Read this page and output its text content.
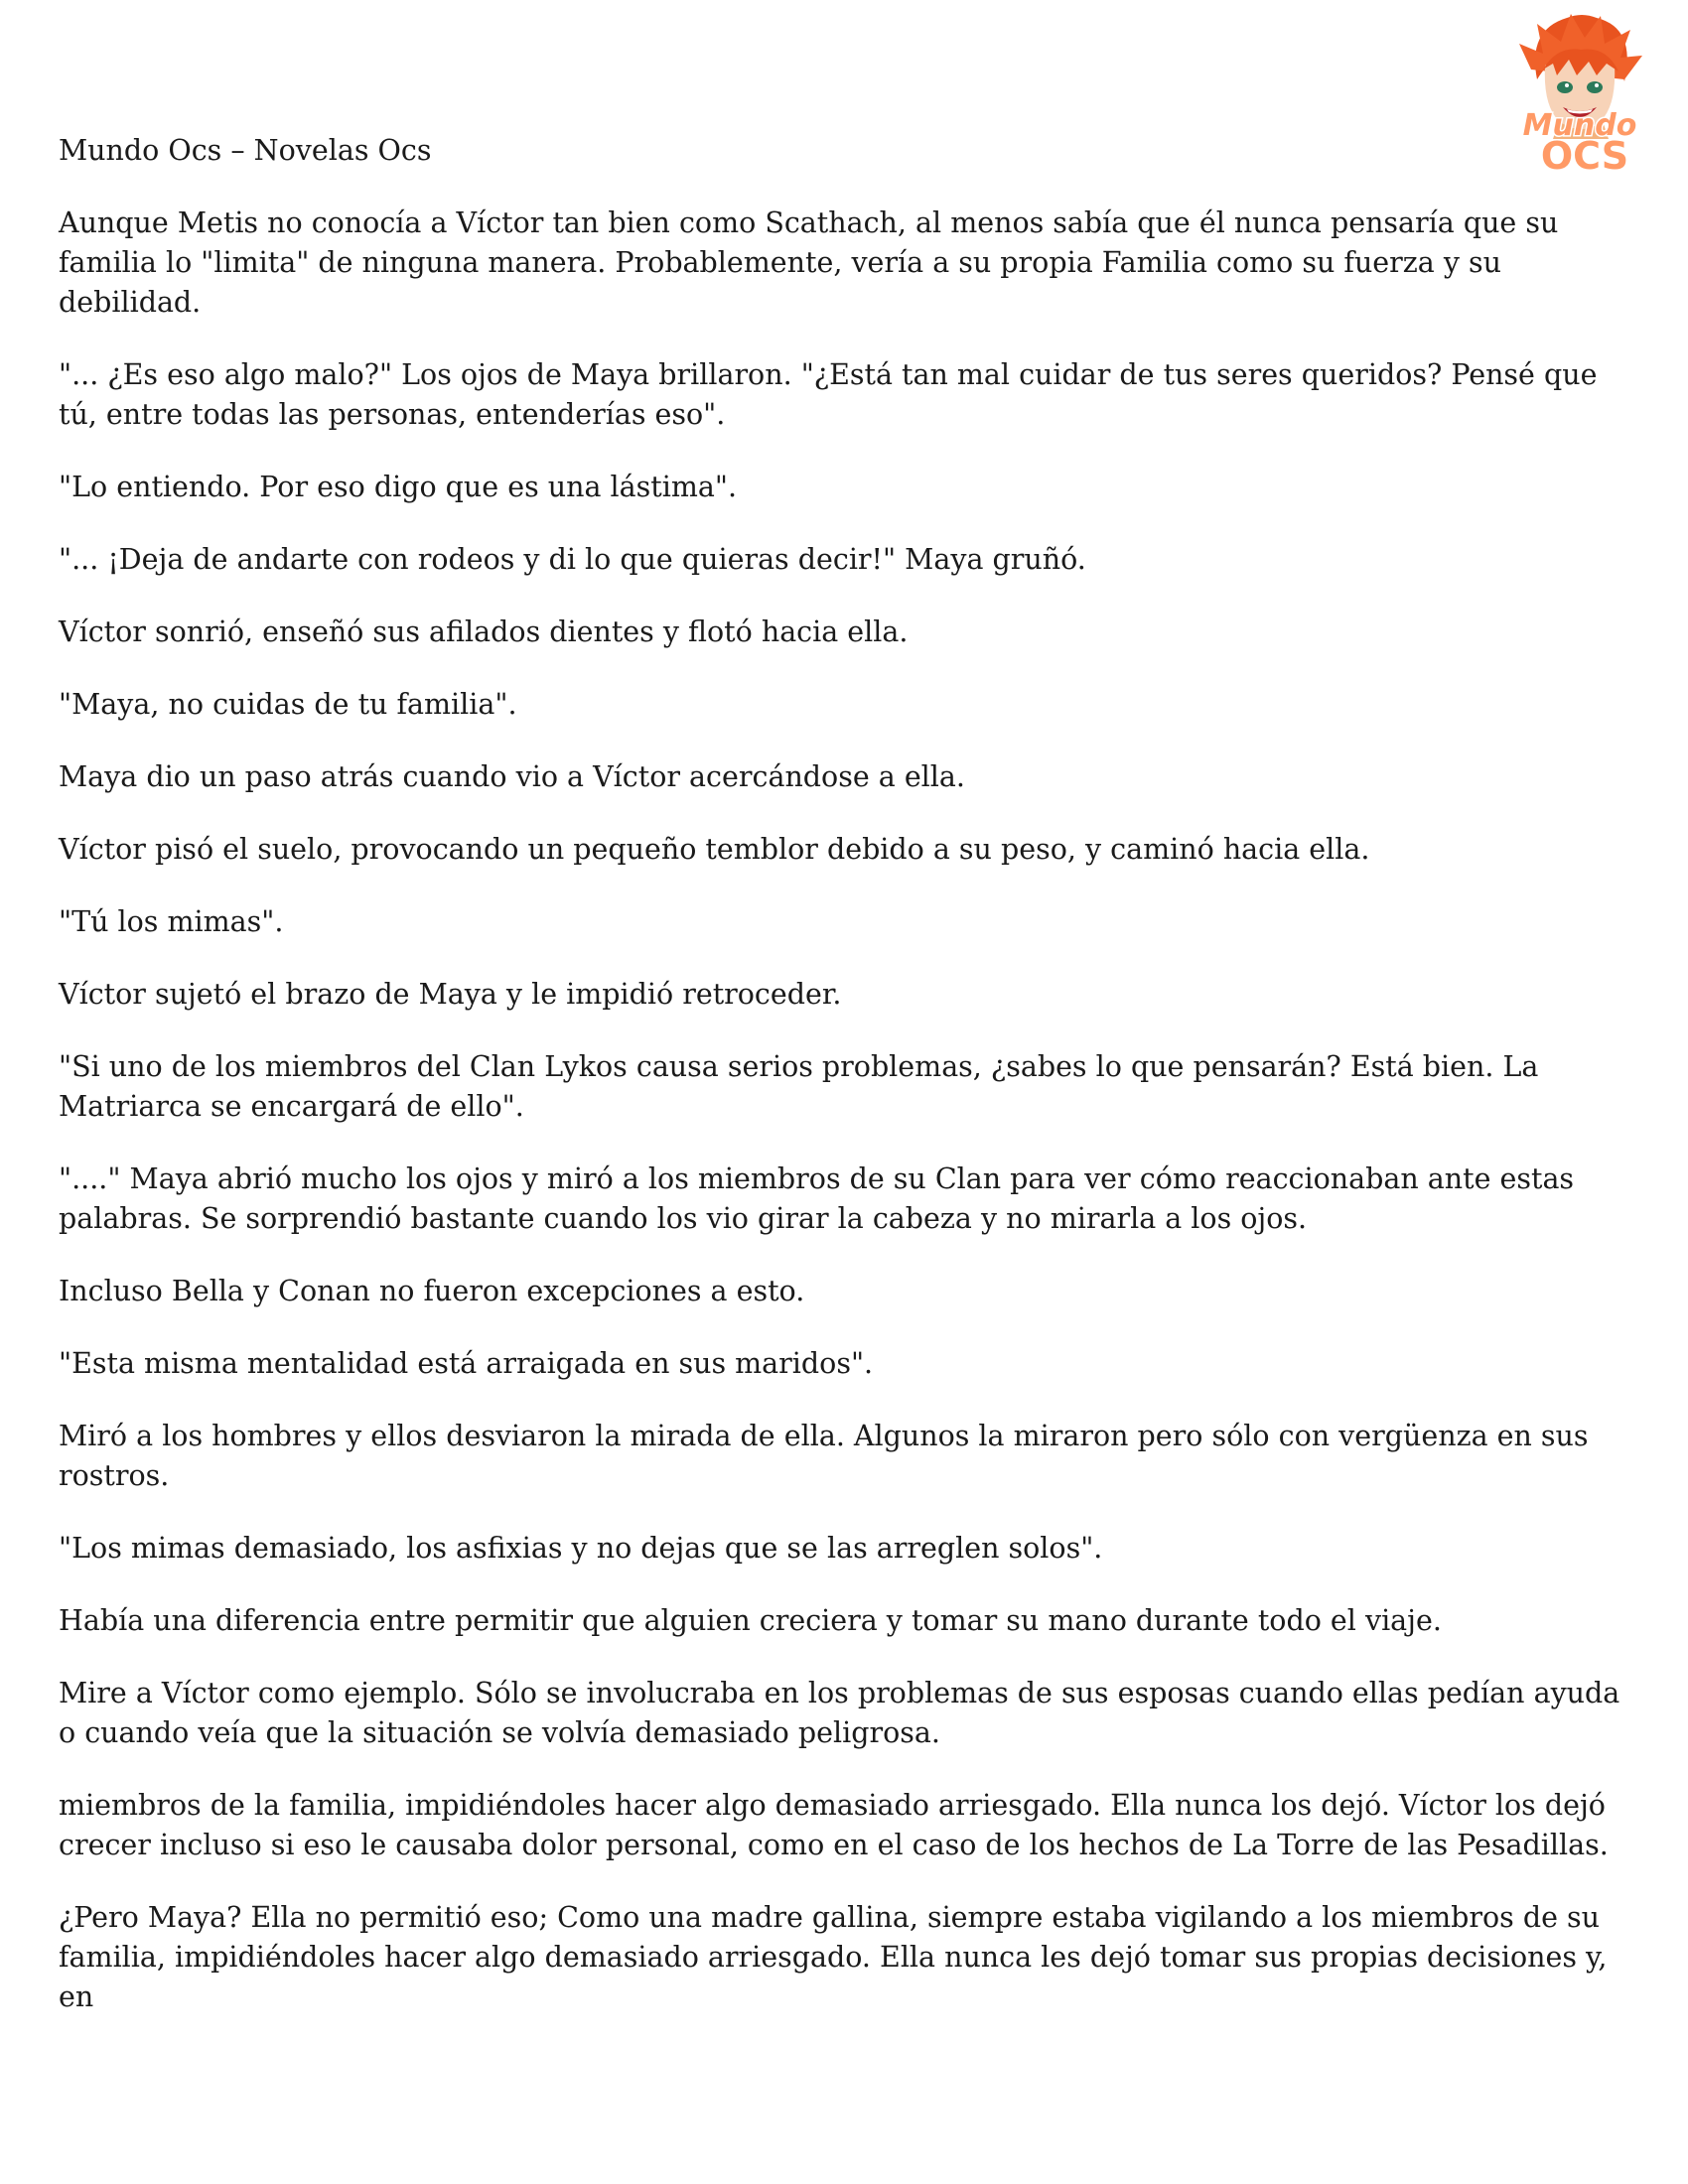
Mundo
OCS

Mundo Ocs – Novelas Ocs

Aunque Metis no conocía a Víctor tan bien como Scathach, al menos sabía que él nunca pensaría que su familia lo "limita" de ninguna manera. Probablemente, vería a su propia Familia como su fuerza y su debilidad.

"... ¿Es eso algo malo?" Los ojos de Maya brillaron. "¿Está tan mal cuidar de tus seres queridos? Pensé que tú, entre todas las personas, entenderías eso".

"Lo entiendo. Por eso digo que es una lástima".

"... ¡Deja de andarte con rodeos y di lo que quieras decir!" Maya gruñó.

Víctor sonrió, enseñó sus afilados dientes y flotó hacia ella.

"Maya, no cuidas de tu familia".

Maya dio un paso atrás cuando vio a Víctor acercándose a ella.

Víctor pisó el suelo, provocando un pequeño temblor debido a su peso, y caminó hacia ella.

"Tú los mimas".

Víctor sujetó el brazo de Maya y le impidió retroceder.

"Si uno de los miembros del Clan Lykos causa serios problemas, ¿sabes lo que pensarán? Está bien. La Matriarca se encargará de ello".

"...." Maya abrió mucho los ojos y miró a los miembros de su Clan para ver cómo reaccionaban ante estas palabras. Se sorprendió bastante cuando los vio girar la cabeza y no mirarla a los ojos.

Incluso Bella y Conan no fueron excepciones a esto.

"Esta misma mentalidad está arraigada en sus maridos".

Miró a los hombres y ellos desviaron la mirada de ella. Algunos la miraron pero sólo con vergüenza en sus rostros.

"Los mimas demasiado, los asfixias y no dejas que se las arreglen solos".

Había una diferencia entre permitir que alguien creciera y tomar su mano durante todo el viaje.

Mire a Víctor como ejemplo. Sólo se involucraba en los problemas de sus esposas cuando ellas pedían ayuda o cuando veía que la situación se volvía demasiado peligrosa.

miembros de la familia, impidiéndoles hacer algo demasiado arriesgado. Ella nunca los dejó. Víctor los dejó crecer incluso si eso le causaba dolor personal, como en el caso de los hechos de La Torre de las Pesadillas.

¿Pero Maya? Ella no permitió eso; Como una madre gallina, siempre estaba vigilando a los miembros de su familia, impidiéndoles hacer algo demasiado arriesgado. Ella nunca les dejó tomar sus propias decisiones y, en
